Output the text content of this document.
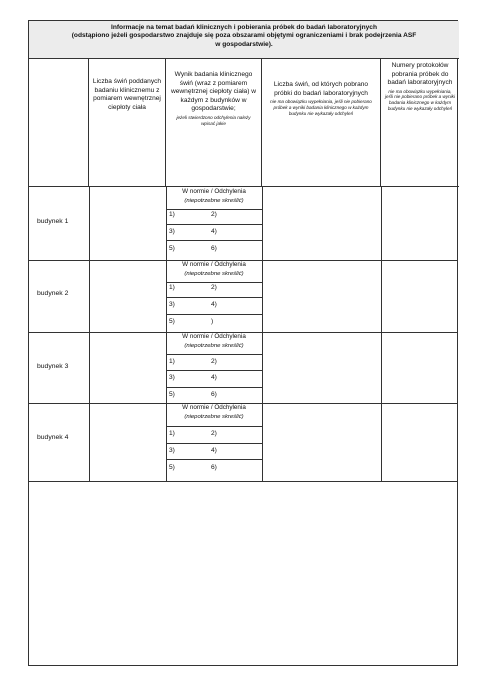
Informacje na temat badań klinicznych i pobierania próbek do badań laboratoryjnych
(odstąpiono jeżeli gospodarstwo znajduje się poza obszarami objętymi ograniczeniami i brak podejrzenia ASF
w gospodarstwie).
Liczba świń poddanych badaniu klinicznemu z pomiarem wewnętrznej ciepłoty ciała
Wynik badania klinicznego świń (wraz z pomiarem wewnętrznej ciepłoty ciała) w każdym z budynków w gospodarstwie;
jeżeli stwierdzono odchylenia należy wpisać jakie
Liczba świń, od których pobrano próbki do badań laboratoryjnych
nie ma obowiązku wypełniania, jeśli nie pobierano próbek a wyniki badania klinicznego w każdym budynku nie wykazały odchyleń
Numery protokołów pobrania próbek do badań laboratoryjnych
nie ma obowiązku wypełniania, jeśli nie pobierano próbek a wyniki badania klinicznego w każdym budynku nie wykazały odchyleń
budynek 1
W normie / Odchylenia
(niepotrzebne skreślić)
1)	2)
3)	4)
5)	6)
budynek 2
W normie / Odchylenia
(niepotrzebne skreślić)
1)	2)
3)	4)
5)	)
budynek 3
W normie / Odchylenia
(niepotrzebne skreślić)
1)	2)
3)	4)
5)	6)
budynek 4
W normie / Odchylenia
(niepotrzebne skreślić)
1)	2)
3)	4)
5)	6)
